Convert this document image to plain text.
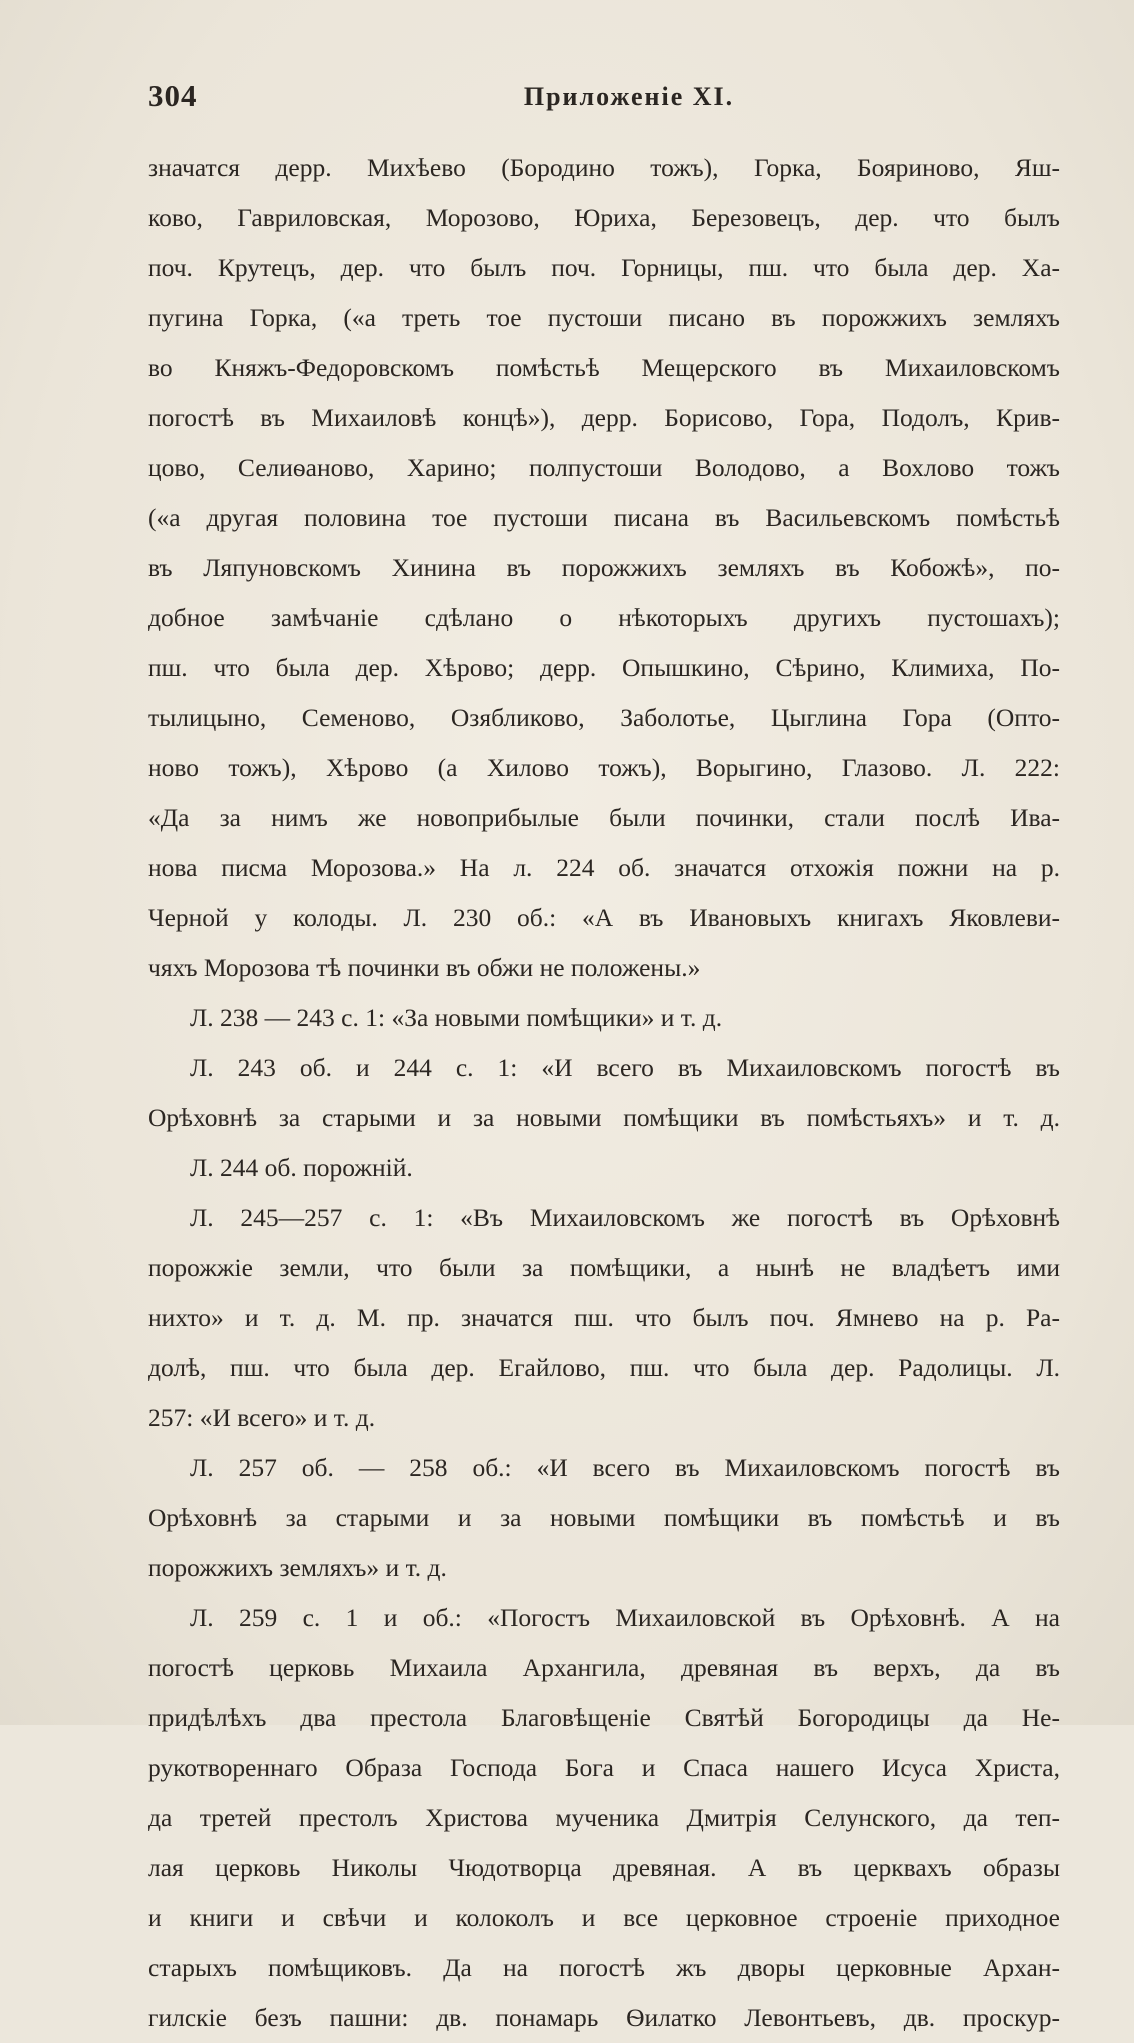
304	Приложеніе XI.
значатся дерр. Михѣево (Бородино тожъ), Горка, Бояриново, Яш-
ково, Гавриловская, Морозово, Юриха, Березовецъ, дер. что былъ
поч. Крутецъ, дер. что былъ поч. Горницы, пш. что была дер. Ха-
пугина Горка, («а треть тое пустоши писано въ порожжихъ земляхъ
во Княжъ-Федоровскомъ помѣстьѣ Мещерского въ Михаиловскомъ
погостѣ въ Михаиловѣ концѣ»), дерр. Борисово, Гора, Подолъ, Крив-
цово, Селиѳаново, Харино; полпустоши Володово, а Вохлово тожъ
(«а другая половина тое пустоши писана въ Васильевскомъ помѣстьѣ
въ Ляпуновскомъ Хинина въ порожжихъ земляхъ въ Кобожѣ», по-
добное замѣчаніе сдѣлано о нѣкоторыхъ другихъ пустошахъ);
пш. что была дер. Хѣрово; дерр. Опышкино, Сѣрино, Климиха, По-
тылицыно, Семеново, Озябликово, Заболотье, Цыглина Гора (Опто-
ново тожъ), Хѣрово (а Хилово тожъ), Ворыгино, Глазово. Л. 222:
«Да за нимъ же новоприбылые были починки, стали послѣ Ива-
нова писма Морозова.» На л. 224 об. значатся отхожія пожни на р.
Черной у колоды. Л. 230 об.: «А въ Ивановыхъ книгахъ Яковлеви-
чяхъ Морозова тѣ починки въ обжи не положены.»
Л. 238 — 243 с. 1: «За новыми помѣщики» и т. д.
Л. 243 об. и 244 с. 1: «И всего въ Михаиловскомъ погостѣ въ
Орѣховнѣ за старыми и за новыми помѣщики въ помѣстьяхъ» и т. д.
Л. 244 об. порожній.
Л. 245—257 с. 1: «Въ Михаиловскомъ же погостѣ въ Орѣховнѣ
порожжіе земли, что были за помѣщики, а нынѣ не владѣетъ ими
нихто» и т. д. М. пр. значатся пш. что былъ поч. Ямнево на р. Ра-
долѣ, пш. что была дер. Егайлово, пш. что была дер. Радолицы. Л.
257: «И всего» и т. д.
Л. 257 об. — 258 об.: «И всего въ Михаиловскомъ погостѣ въ
Орѣховнѣ за старыми и за новыми помѣщики въ помѣстьѣ и въ
порожжихъ земляхъ» и т. д.
Л. 259 с. 1 и об.: «Погостъ Михаиловской въ Орѣховнѣ. А на
погостѣ церковь Михаила Архангила, древяная въ верхъ, да въ
придѣлѣхъ два престола Благовѣщеніе Святѣй Богородицы да Не-
рукотвореннаго Образа Господа Бога и Спаса нашего Исуса Христа,
да третей престолъ Христова мученика Дмитрія Селунского, да теп-
лая церковь Николы Чюдотворца древяная. А въ церквахъ образы
и книги и свѣчи и колоколъ и все церковное строеніе приходное
старыхъ помѣщиковъ. Да на погостѣ жъ дворы церковные Архан-
гилскіе безъ пашни: дв. понамарь Ѳилатко Левонтьевъ, дв. проскур-
